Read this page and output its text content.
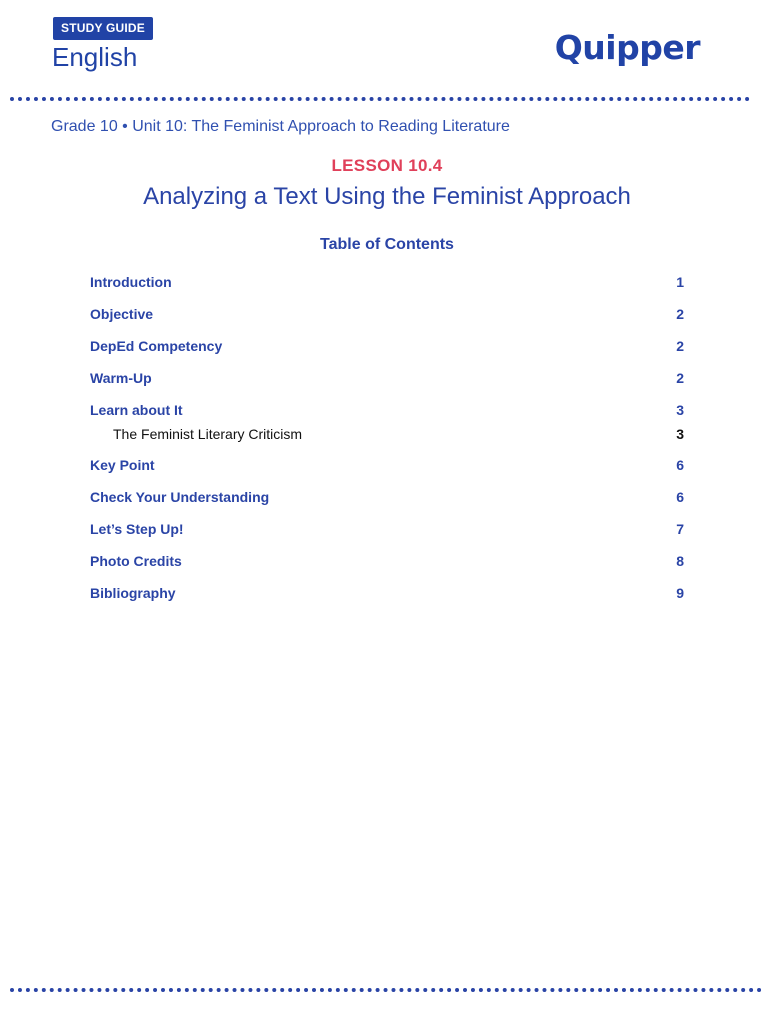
STUDY GUIDE
English	Quipper
Grade 10 • Unit 10: The Feminist Approach to Reading Literature
LESSON 10.4
Analyzing a Text Using the Feminist Approach
Table of Contents
Introduction	1
Objective	2
DepEd Competency	2
Warm-Up	2
Learn about It	3
The Feminist Literary Criticism	3
Key Point	6
Check Your Understanding	6
Let’s Step Up!	7
Photo Credits	8
Bibliography	9
